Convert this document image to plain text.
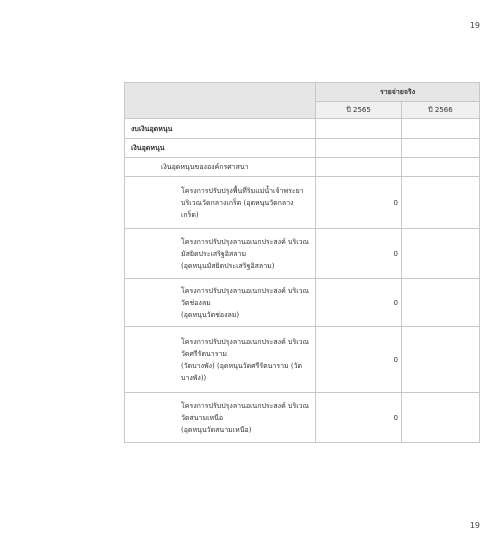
19
	รายจ่ายจริง	
	ปี 2565	ปี 2566

งบเงินอุดหนุน		

เงินอุดหนุน		

เงินอุดหนุนขององค์กรศาสนา		

โครงการปรับปรุงพื้นที่ริมแม่น้ำเจ้าพระยา
บริเวณวัดกลางเกร็ด (อุดหนุนวัดกลาง
เกร็ด)	0	

โครงการปรับปรุงลานอเนกประสงค์ บริเวณ
มัสยิดประเสริฐอิสลาม
(อุดหนุนมัสยิดประเสริฐอิสลาม)	0	

โครงการปรับปรุงลานอเนกประสงค์ บริเวณ
วัดช่องลม
(อุดหนุนวัดช่องลม)	0	

โครงการปรับปรุงลานอเนกประสงค์ บริเวณ
วัดศรีรัตนาราม
(วัดบางพัง) (อุดหนุนวัดศรีรัตนาราม (วัด
บางพัง))	0	

โครงการปรับปรุงลานอเนกประสงค์ บริเวณ
วัดสนามเหนือ
(อุดหนุนวัดสนามเหนือ)	0	
19
